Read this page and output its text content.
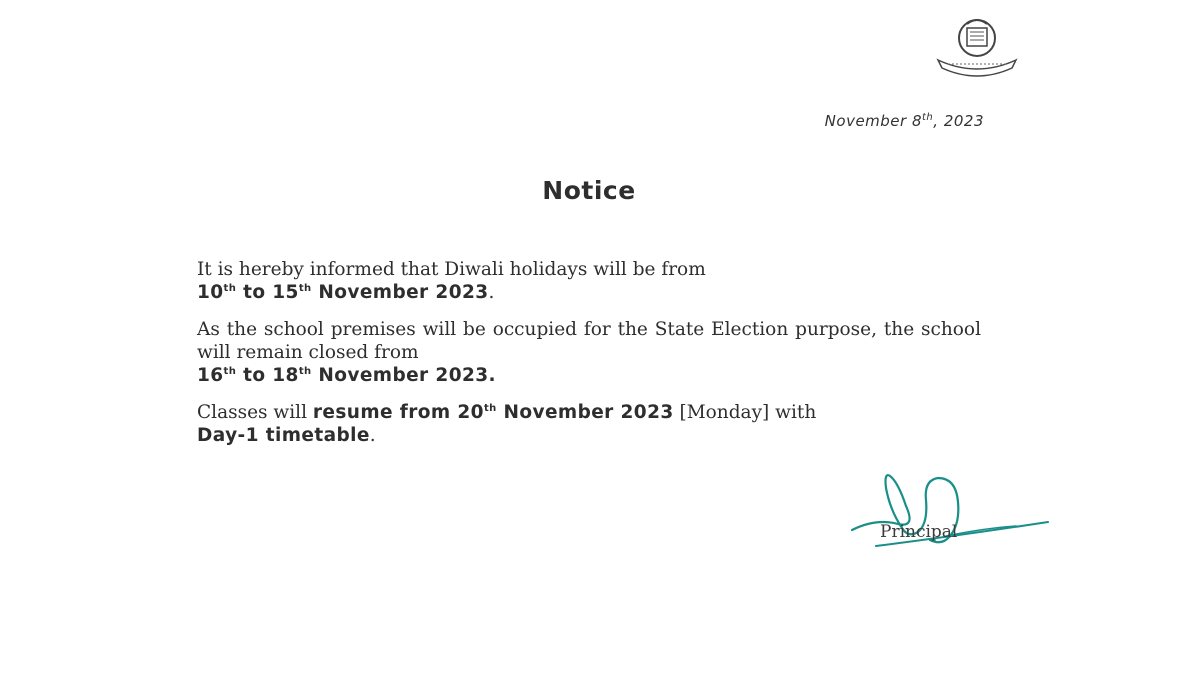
November 8th, 2023
Notice

It is hereby informed that Diwali holidays will be from
10th to 15th November 2023.

As the school premises will be occupied for the State Election purpose, the school will remain closed from
16th to 18th November 2023.

Classes will resume from 20th November 2023 [Monday] with
Day-1 timetable.

Principal
